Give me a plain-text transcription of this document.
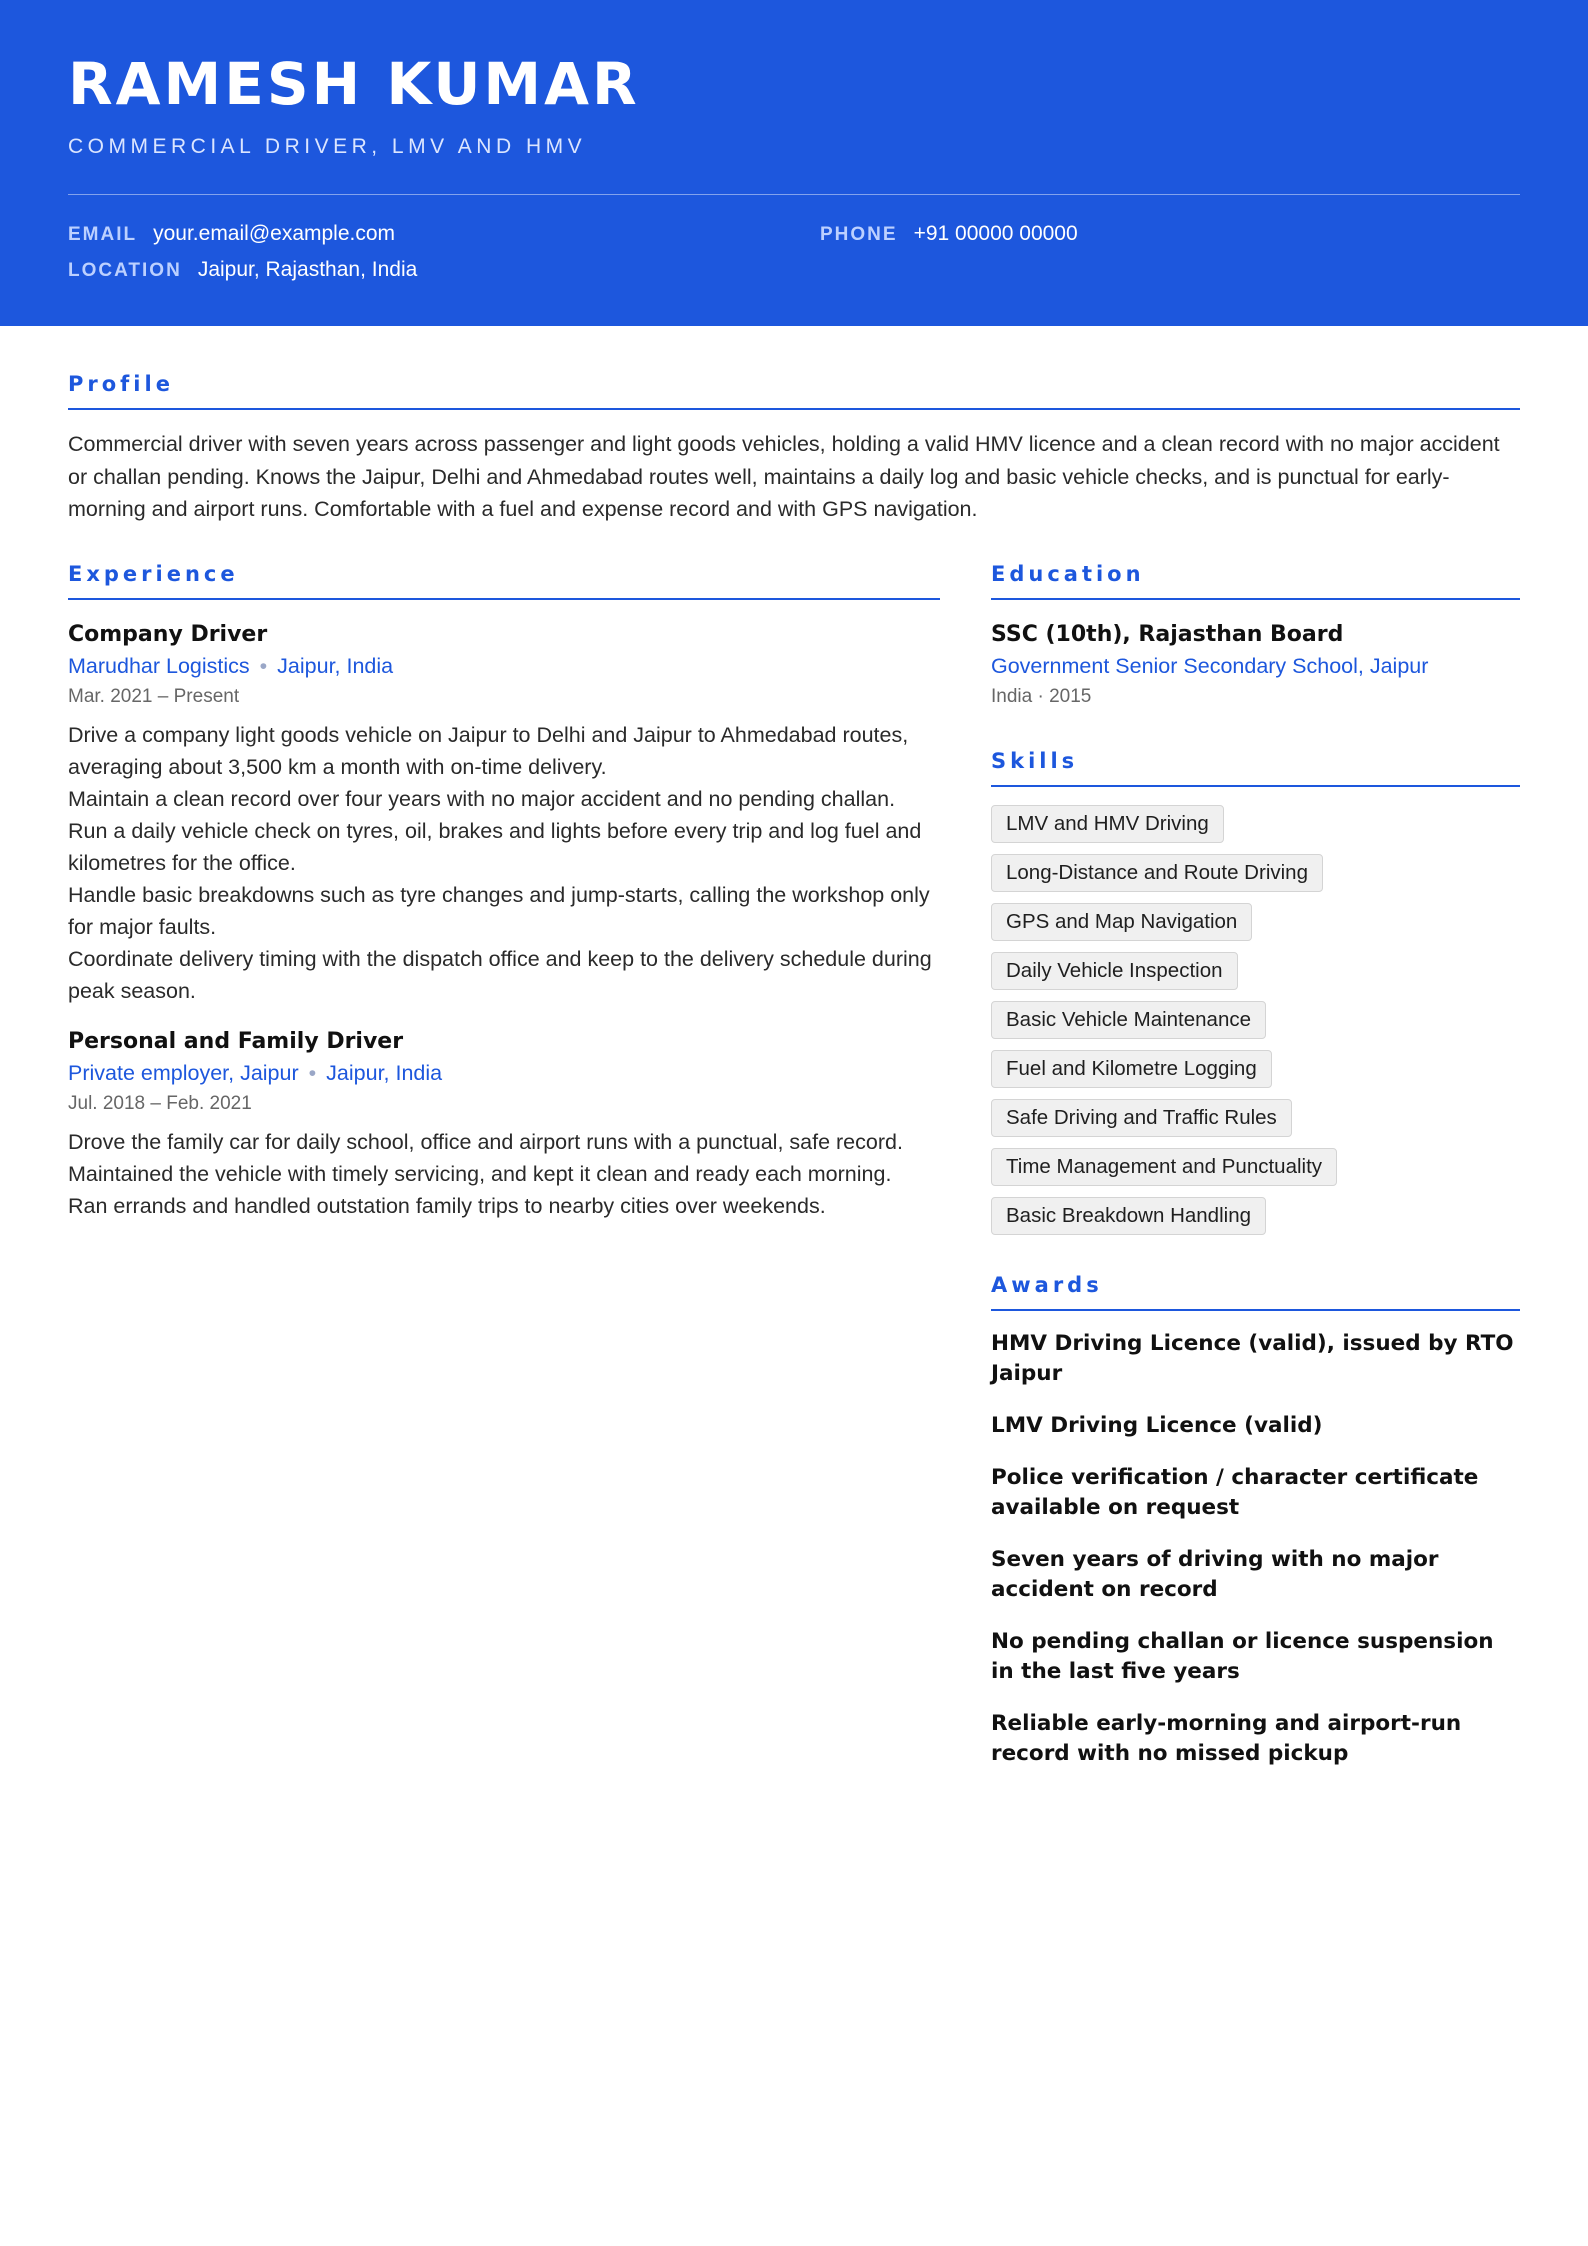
RAMESH KUMAR
COMMERCIAL DRIVER, LMV AND HMV
EMAIL your.email@example.com	PHONE +91 00000 00000
LOCATION Jaipur, Rajasthan, India
Profile
Commercial driver with seven years across passenger and light goods vehicles, holding a valid HMV licence and a clean record with no major accident or challan pending. Knows the Jaipur, Delhi and Ahmedabad routes well, maintains a daily log and basic vehicle checks, and is punctual for early-morning and airport runs. Comfortable with a fuel and expense record and with GPS navigation.
Experience
Company Driver
Marudhar Logistics • Jaipur, India
Mar. 2021 – Present
Drive a company light goods vehicle on Jaipur to Delhi and Jaipur to Ahmedabad routes, averaging about 3,500 km a month with on-time delivery.
Maintain a clean record over four years with no major accident and no pending challan.
Run a daily vehicle check on tyres, oil, brakes and lights before every trip and log fuel and kilometres for the office.
Handle basic breakdowns such as tyre changes and jump-starts, calling the workshop only for major faults.
Coordinate delivery timing with the dispatch office and keep to the delivery schedule during peak season.
Personal and Family Driver
Private employer, Jaipur • Jaipur, India
Jul. 2018 – Feb. 2021
Drove the family car for daily school, office and airport runs with a punctual, safe record.
Maintained the vehicle with timely servicing, and kept it clean and ready each morning.
Ran errands and handled outstation family trips to nearby cities over weekends.
Education
SSC (10th), Rajasthan Board
Government Senior Secondary School, Jaipur
India · 2015
Skills
LMV and HMV Driving
Long-Distance and Route Driving
GPS and Map Navigation
Daily Vehicle Inspection
Basic Vehicle Maintenance
Fuel and Kilometre Logging
Safe Driving and Traffic Rules
Time Management and Punctuality
Basic Breakdown Handling
Awards
HMV Driving Licence (valid), issued by RTO Jaipur
LMV Driving Licence (valid)
Police verification / character certificate available on request
Seven years of driving with no major accident on record
No pending challan or licence suspension in the last five years
Reliable early-morning and airport-run record with no missed pickup
